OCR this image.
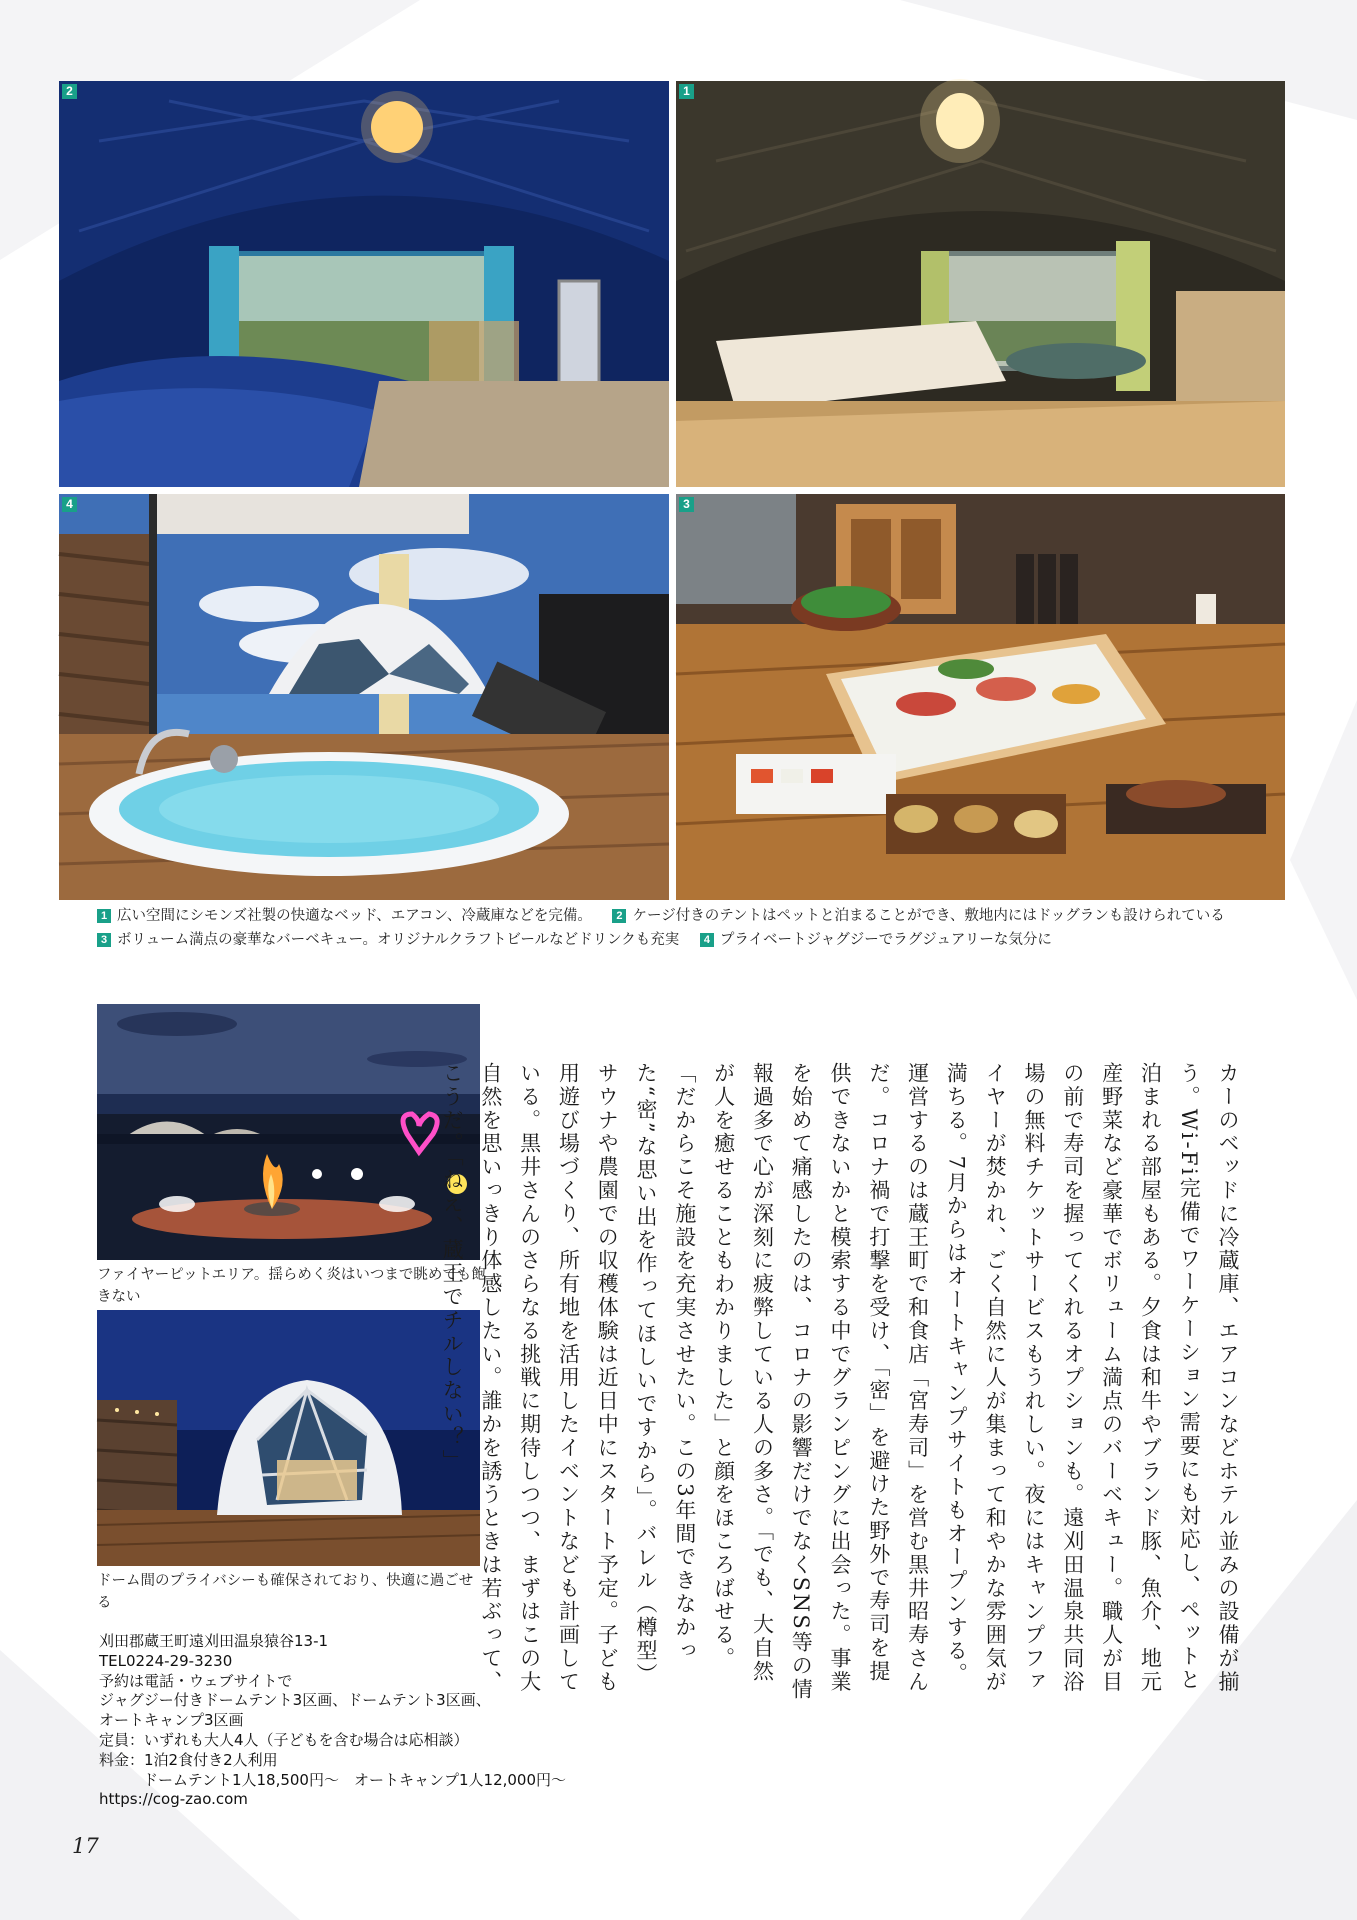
2	1
4	3
1 広い空間にシモンズ社製の快適なベッド、エアコン、冷蔵庫などを完備。 2 ケージ付きのテントはペットと泊まることができ、敷地内にはドッグランも設けられている 3 ボリューム満点の豪華なバーベキュー。オリジナルクラフトビールなどドリンクも充実 4 プライベートジャグジーでラグジュアリーな気分に
ファイヤーピットエリア。揺らめく炎はいつまで眺めても飽きない
ドーム間のプライバシーも確保されており、快適に過ごせる	カーのベッドに冷蔵庫、エアコンなどホテル並みの設備が揃う。Wi-Fi完備でワーケーション需要にも対応し、ペットと泊まれる部屋もある。夕食は和牛やブランド豚、魚介、地元産野菜など豪華でボリューム満点のバーベキュー。職人が目の前で寿司を握ってくれるオプションも。遠刈田温泉共同浴場の無料チケットサービスもうれしい。夜にはキャンプファイヤーが焚かれ、ごく自然に人が集まって和やかな雰囲気が満ちる。7月からはオートキャンプサイトもオープンする。　運営するのは蔵王町で和食店「宮寿司」を営む黒井昭寿さんだ。コロナ禍で打撃を受け、「密」を避けた野外で寿司を提供できないかと模索する中でグランピングに出会った。事業を始めて痛感したのは、コロナの影響だけでなくSNS等の情報過多で心が深刻に疲弊している人の多さ。「でも、大自然が人を癒せることもわかりました」と顔をほころばせる。「だからこそ施設を充実させたい。この3年間できなかった“密”な思い出を作ってほしいですから」。バレル（樽型）サウナや農園での収穫体験は近日中にスタート予定。子ども用遊び場づくり、所有地を活用したイベントなども計画している。黒井さんのさらなる挑戦に期待しつつ、まずはこの大自然を思いっきり体感したい。誰かを誘うときは若ぶって、こうだ。「ねえ、蔵王でチルしない？」
刈田郡蔵王町遠刈田温泉猿谷13-1
TEL0224-29-3230
予約は電話・ウェブサイトで
ジャグジー付きドームテント3区画、ドームテント3区画、
オートキャンプ3区画
定員：いずれも大人4人（子どもを含む場合は応相談）
料金：1泊2食付き2人利用
ドームテント1人18,500円〜　オートキャンプ1人12,000円〜
https://cog-zao.com
17
